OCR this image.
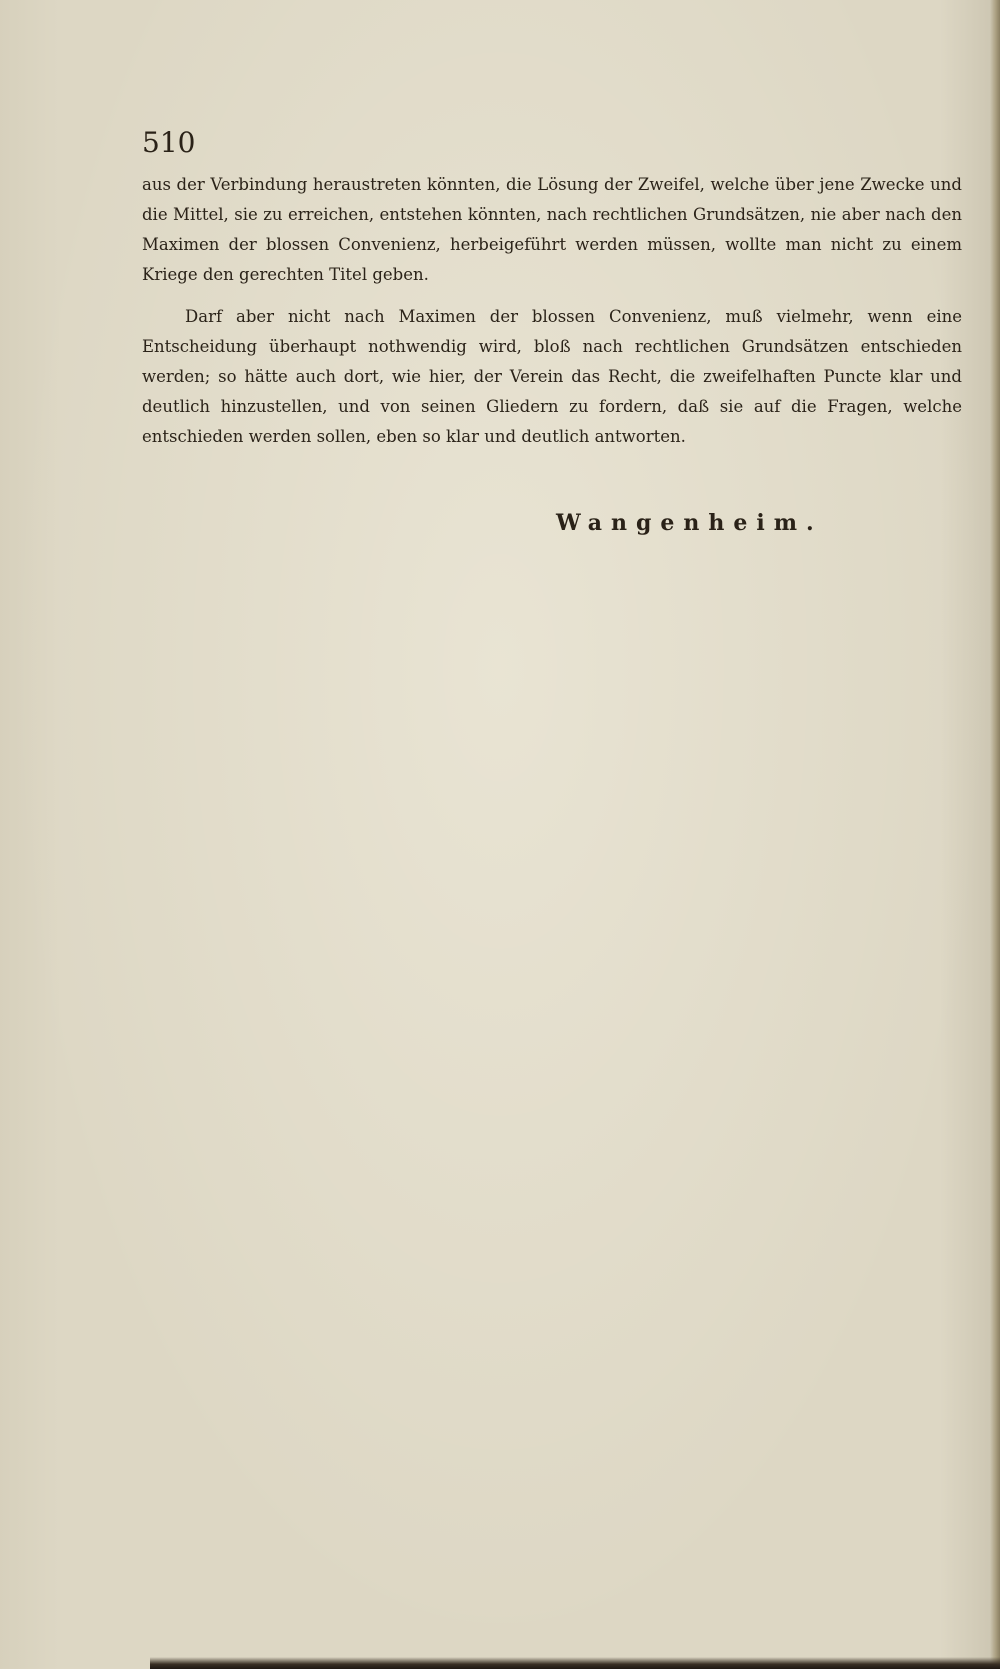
510

aus der Verbindung heraustreten könnten, die Lösung der Zweifel, welche über jene Zwecke und die Mittel, sie zu erreichen, entstehen könnten, nach rechtlichen Grundsätzen, nie aber nach den Maximen der blossen Convenienz, herbeigeführt werden müssen, wollte man nicht zu einem Kriege den gerechten Titel geben.

Darf aber nicht nach Maximen der blossen Convenienz, muß vielmehr, wenn eine Entscheidung überhaupt nothwendig wird, bloß nach rechtlichen Grundsätzen entschieden werden; so hätte auch dort, wie hier, der Verein das Recht, die zweifelhaften Puncte klar und deutlich hinzustellen, und von seinen Gliedern zu fordern, daß sie auf die Fragen, welche entschieden werden sollen, eben so klar und deutlich antworten.

Wangenheim.
